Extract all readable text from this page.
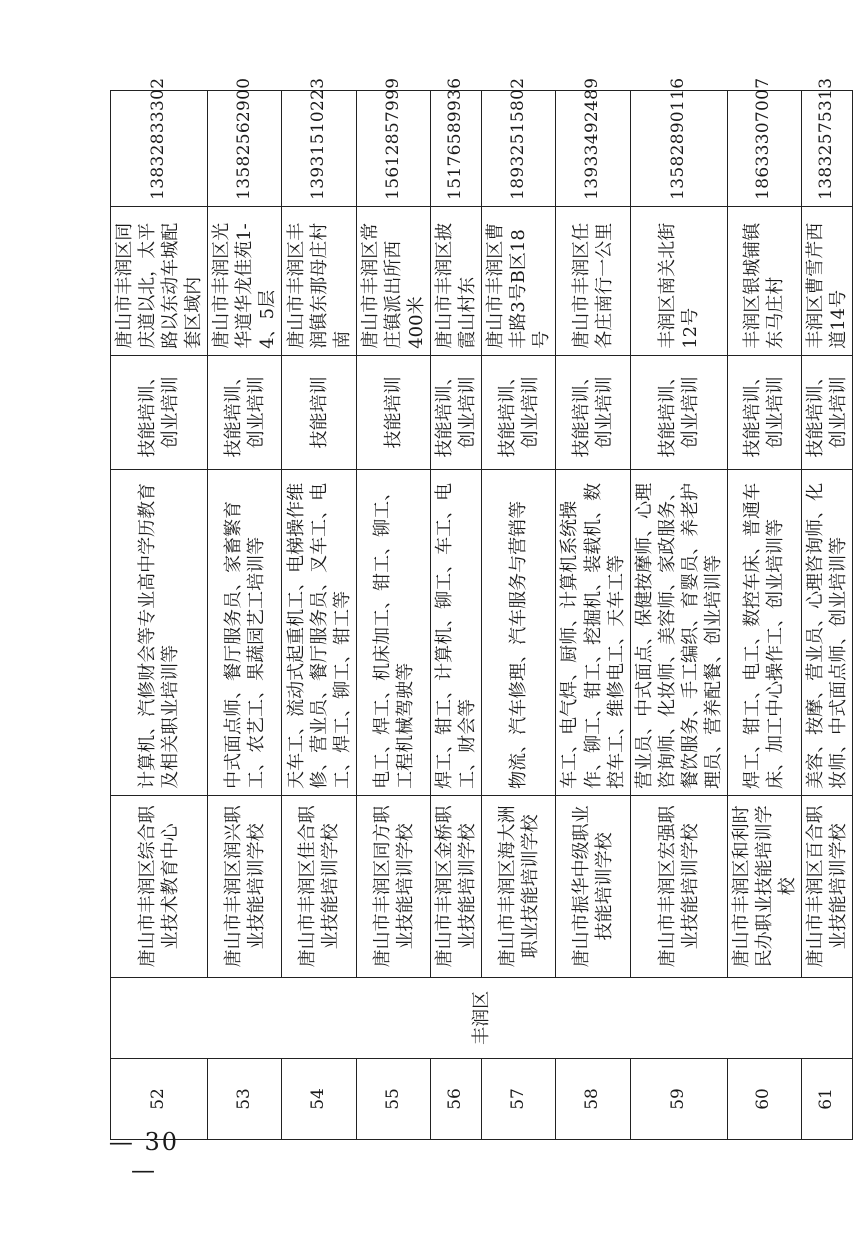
52	丰润区	唐山市丰润区综合职业技术教育中心	计算机、汽修财会等专业高中学历教育及相关职业培训等	技能培训、创业培训	唐山市丰润区同庆道以北，太平路以东动车城配套区域内	13832833302
53		唐山市丰润区润兴职业技能培训学校	中式面点师、餐厅服务员、家畜繁育工、农艺工、果蔬园艺工培训等	技能培训、创业培训	唐山市丰润区光华道华龙佳苑1-4、5层	13582562900
54		唐山市丰润区佳合职业技能培训学校	天车工、流动式起重机工、电梯操作维修、营业员、餐厅服务员、叉车工、电工、焊工、铆工、钳工等	技能培训	唐山市丰润区丰润镇东那母庄村南	13931510223
55		唐山市丰润区同方职业技能培训学校	电工、焊工、机床加工、钳工、铆工、工程机械驾驶等	技能培训	唐山市丰润区常庄镇派出所西400米	15612857999
56		唐山市丰润区金桥职业技能培训学校	焊工、钳工、计算机、铆工、车工、电工、财会等	技能培训、创业培训	唐山市丰润区披霞山村东	15176589936
57		唐山市丰润区海大洲职业技能培训学校	物流、汽车修理、汽车服务与营销等	技能培训、创业培训	唐山市丰润区曹丰路3号B区18号	18932515802
58		唐山市振华中级职业技能培训学校	车工、电气焊、厨师、计算机系统操作、铆工、钳工、挖掘机、装载机、数控车工、维修电工、天车工等	技能培训、创业培训	唐山市丰润区任各庄南行一公里	13933492489
59		唐山市丰润区宏强职业技能培训学校	营业员、中式面点、保健按摩师、心理咨询师、化妆师、美容师、家政服务、餐饮服务、手工编织、育婴员、养老护理员、营养配餐、创业培训等	技能培训、创业培训	丰润区南关北街12号	13582890116
60		唐山市丰润区和利时民办职业技能培训学校	焊工、钳工、电工、数控车床、普通车床、加工中心操作工、创业培训等	技能培训、创业培训	丰润区银城铺镇东马庄村	18633307007
61		唐山市丰润区百合职业技能培训学校	美容、按摩、营业员、心理咨询师、化妆师、中式面点师、创业培训等	技能培训、创业培训	丰润区曹雪芹西道14号	13832575313
— 30 —
